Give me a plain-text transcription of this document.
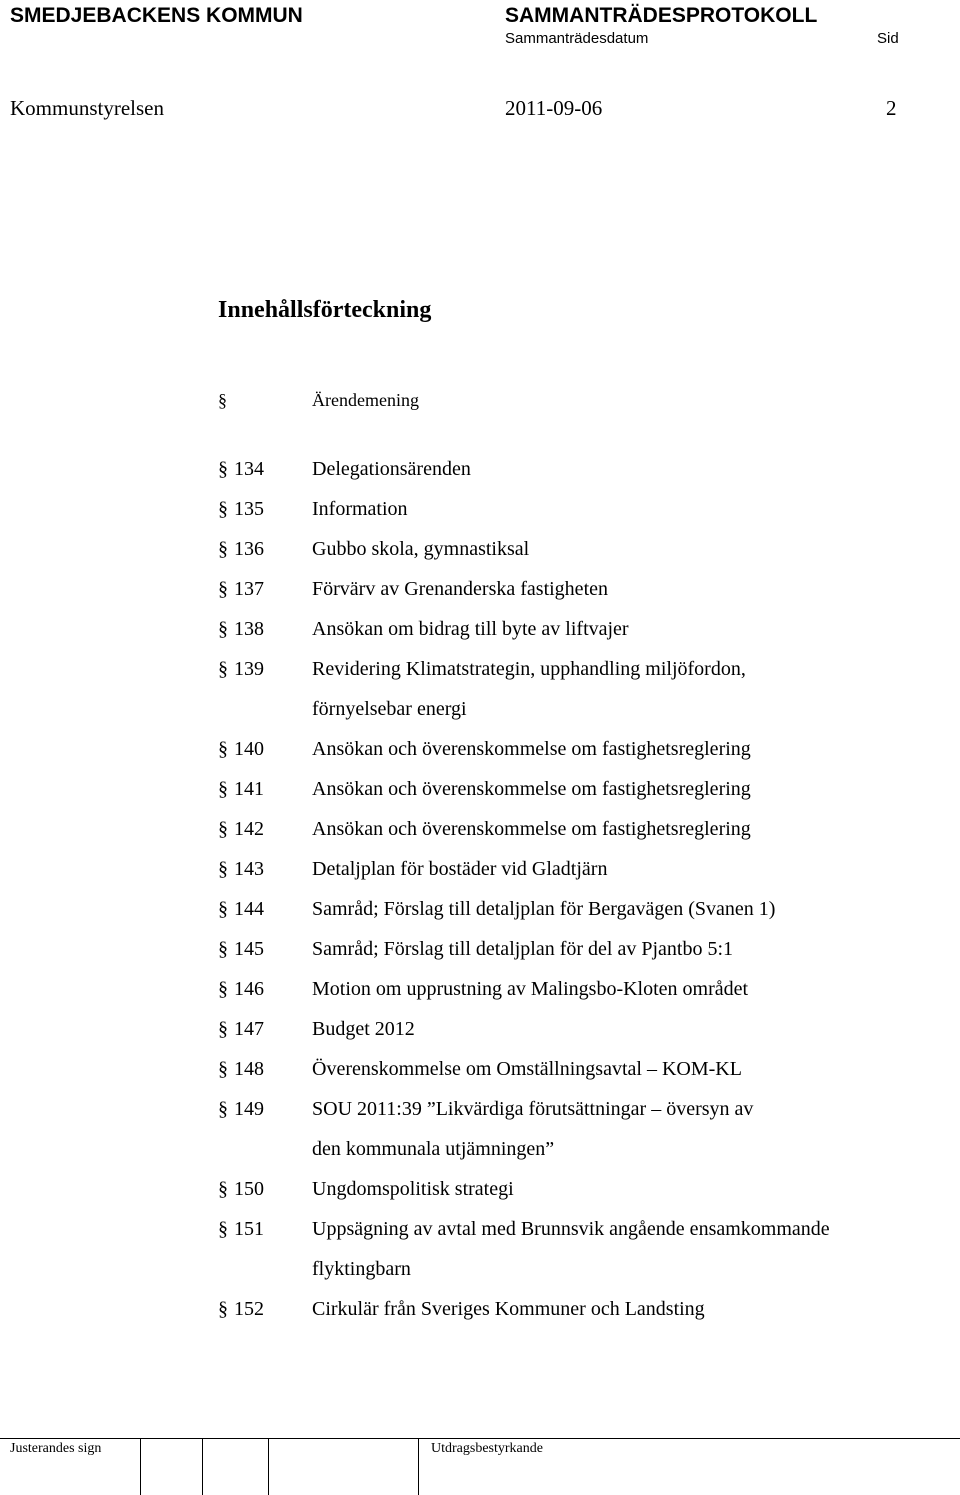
SMEDJEBACKENS KOMMUN	SAMMANTRÄDESPROTOKOLL
Sammanträdesdatum	Sid
Kommunstyrelsen	2011-09-06	2
Innehållsförteckning
§	Ärendemening
§ 134 Delegationsärenden
§ 135 Information
§ 136 Gubbo skola, gymnastiksal
§ 137 Förvärv av Grenanderska fastigheten
§ 138 Ansökan om bidrag till byte av liftvajer
§ 139 Revidering Klimatstrategin, upphandling miljöfordon,
förnyelsebar energi
§ 140 Ansökan och överenskommelse om fastighetsreglering
§ 141 Ansökan och överenskommelse om fastighetsreglering
§ 142 Ansökan och överenskommelse om fastighetsreglering
§ 143 Detaljplan för bostäder vid Gladtjärn
§ 144 Samråd; Förslag till detaljplan för Bergavägen (Svanen 1)
§ 145 Samråd; Förslag till detaljplan för del av Pjantbo 5:1
§ 146 Motion om upprustning av Malingsbo-Kloten området
§ 147 Budget 2012
§ 148 Överenskommelse om Omställningsavtal – KOM-KL
§ 149 SOU 2011:39 ”Likvärdiga förutsättningar – översyn av
den kommunala utjämningen”
§ 150 Ungdomspolitisk strategi
§ 151 Uppsägning av avtal med Brunnsvik angående ensamkommande
flyktingbarn
§ 152 Cirkulär från Sveriges Kommuner och Landsting
Justerandes sign	Utdragsbestyrkande
